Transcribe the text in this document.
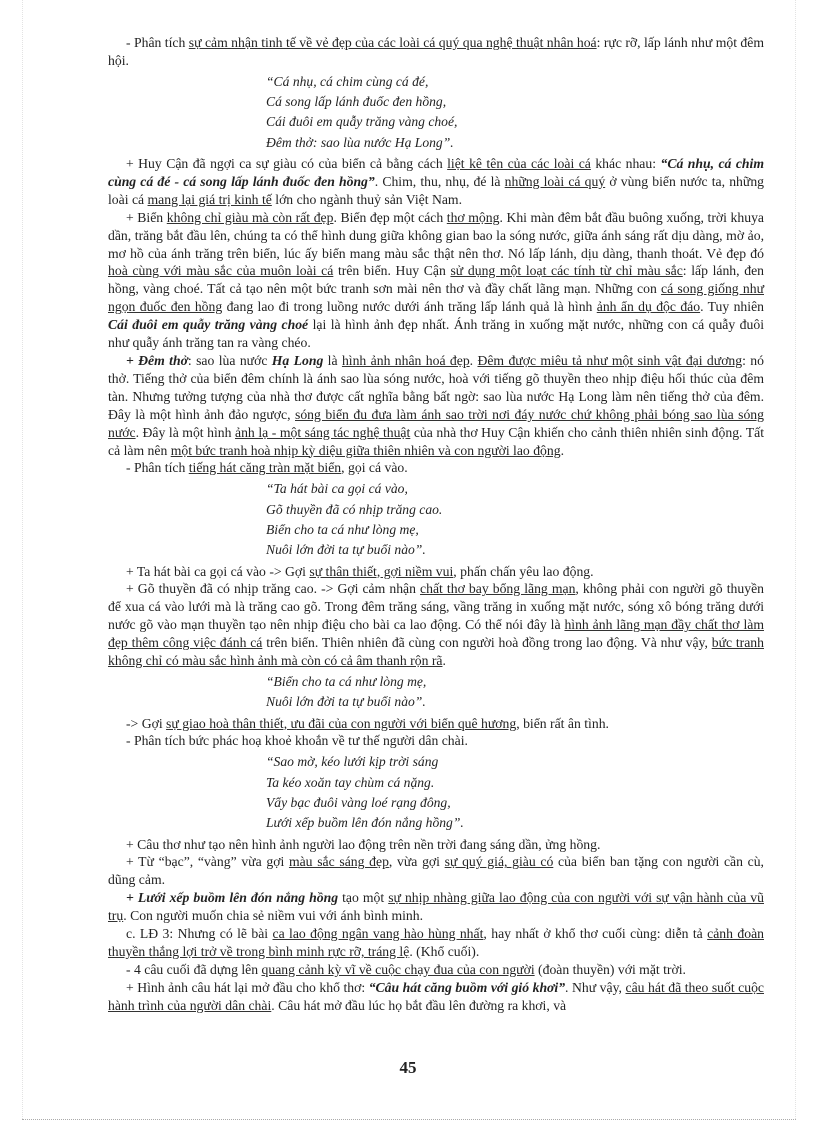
- Phân tích sự cảm nhận tinh tế về vẻ đẹp của các loài cá quý qua nghệ thuật nhân hoá: rực rỡ, lấp lánh như một đêm hội.

“Cá nhụ, cá chim cùng cá đé,
Cá song lấp lánh đuốc đen hồng,
Cái đuôi em quẫy trăng vàng choé,
Đêm thở: sao lùa nước Hạ Long”.

+ Huy Cận đã ngợi ca sự giàu có của biển cả bằng cách liệt kê tên của các loài cá khác nhau: “Cá nhụ, cá chim cùng cá đé - cá song lấp lánh đuốc đen hồng”. Chim, thu, nhụ, đé là những loài cá quý ở vùng biển nước ta, những loài cá mang lại giá trị kinh tế lớn cho ngành thuỷ sản Việt Nam.

+ Biển không chỉ giàu mà còn rất đẹp. Biển đẹp một cách thơ mộng. Khi màn đêm bắt đầu buông xuống, trời khuya dần, trăng bắt đầu lên, chúng ta có thể hình dung giữa không gian bao la sóng nước, giữa ánh sáng rất dịu dàng, mờ ảo, mơ hồ của ánh trăng trên biển, lúc ấy biển mang màu sắc thật nên thơ. Nó lấp lánh, dịu dàng, thanh thoát. Vẻ đẹp đó hoà cùng với màu sắc của muôn loài cá trên biển. Huy Cận sử dụng một loạt các tính từ chỉ màu sắc: lấp lánh, đen hồng, vàng choé. Tất cả tạo nên một bức tranh sơn mài nên thơ và đầy chất lãng mạn. Những con cá song giống như ngọn đuốc đen hồng đang lao đi trong luồng nước dưới ánh trăng lấp lánh quả là hình ảnh ẩn dụ độc đáo. Tuy nhiên Cái đuôi em quẫy trăng vàng choé lại là hình ảnh đẹp nhất. Ánh trăng in xuống mặt nước, những con cá quẫy đuôi như quẫy ánh trăng tan ra vàng chéo.

+ Đêm thở: sao lùa nước Hạ Long là hình ảnh nhân hoá đẹp. Đêm được miêu tả như một sinh vật đại dương: nó thở. Tiếng thở của biển đêm chính là ánh sao lùa sóng nước, hoà với tiếng gõ thuyền theo nhịp điệu hối thúc của đêm tàn. Nhưng tưởng tượng của nhà thơ được cất nghĩa bằng bất ngờ: sao lùa nước Hạ Long làm nên tiếng thở của đêm. Đây là một hình ảnh đảo ngược, sóng biển đu đưa làm ánh sao trời nơi đáy nước chứ không phải bóng sao lùa sóng nước. Đây là một hình ảnh lạ - một sáng tác nghệ thuật của nhà thơ Huy Cận khiến cho cảnh thiên nhiên sinh động. Tất cả làm nên một bức tranh hoà nhịp kỳ diệu giữa thiên nhiên và con người lao động.

- Phân tích tiếng hát căng tràn mặt biển, gọi cá vào.

“Ta hát bài ca gọi cá vào,
Gõ thuyền đã có nhịp trăng cao.
Biển cho ta cá như lòng mẹ,
Nuôi lớn đời ta tự buổi nào”.

+ Ta hát bài ca gọi cá vào -> Gợi sự thân thiết, gợi niềm vui, phấn chấn yêu lao động.

+ Gõ thuyền đã có nhịp trăng cao. -> Gợi cảm nhận chất thơ bay bổng lãng mạn, không phải con người gõ thuyền để xua cá vào lưới mà là trăng cao gõ. Trong đêm trăng sáng, vầng trăng in xuống mặt nước, sóng xô bóng trăng dưới nước gõ vào mạn thuyền tạo nên nhịp điệu cho bài ca lao động. Có thể nói đây là hình ảnh lãng mạn đầy chất thơ làm đẹp thêm công việc đánh cá trên biển. Thiên nhiên đã cùng con người hoà đồng trong lao động. Và như vậy, bức tranh không chỉ có màu sắc hình ảnh mà còn có cả âm thanh rộn rã.

“Biển cho ta cá như lòng mẹ,
Nuôi lớn đời ta tự buổi nào”.

-> Gợi sự giao hoà thân thiết, ưu đãi của con người với biển quê hương, biển rất ân tình.

- Phân tích bức phác hoạ khoẻ khoắn về tư thế người dân chài.

“Sao mờ, kéo lưới kịp trời sáng
Ta kéo xoăn tay chùm cá nặng.
Vẩy bạc đuôi vàng loé rạng đông,
Lưới xếp buồm lên đón nắng hồng”.

+ Câu thơ như tạo nên hình ảnh người lao động trên nền trời đang sáng dần, ửng hồng.

+ Từ “bạc”, “vàng” vừa gợi màu sắc sáng đẹp, vừa gợi sự quý giá, giàu có của biển ban tặng con người cần cù, dũng cảm.

+ Lưới xếp buồm lên đón nắng hồng tạo một sự nhịp nhàng giữa lao động của con người với sự vận hành của vũ trụ. Con người muốn chia sẻ niềm vui với ánh bình minh.

c. LĐ 3: Nhưng có lẽ bài ca lao động ngân vang hào hùng nhất, hay nhất ở khổ thơ cuối cùng: diễn tả cảnh đoàn thuyền thắng lợi trở về trong bình minh rực rỡ, tráng lệ. (Khổ cuối).

- 4 câu cuối đã dựng lên quang cảnh kỳ vĩ về cuộc chạy đua của con người (đoàn thuyền) với mặt trời.

+ Hình ảnh câu hát lại mở đầu cho khổ thơ: “Câu hát căng buồm với gió khơi”. Như vậy, câu hát đã theo suốt cuộc hành trình của người dân chài. Câu hát mở đầu lúc họ bắt đầu lên đường ra khơi, và

45
